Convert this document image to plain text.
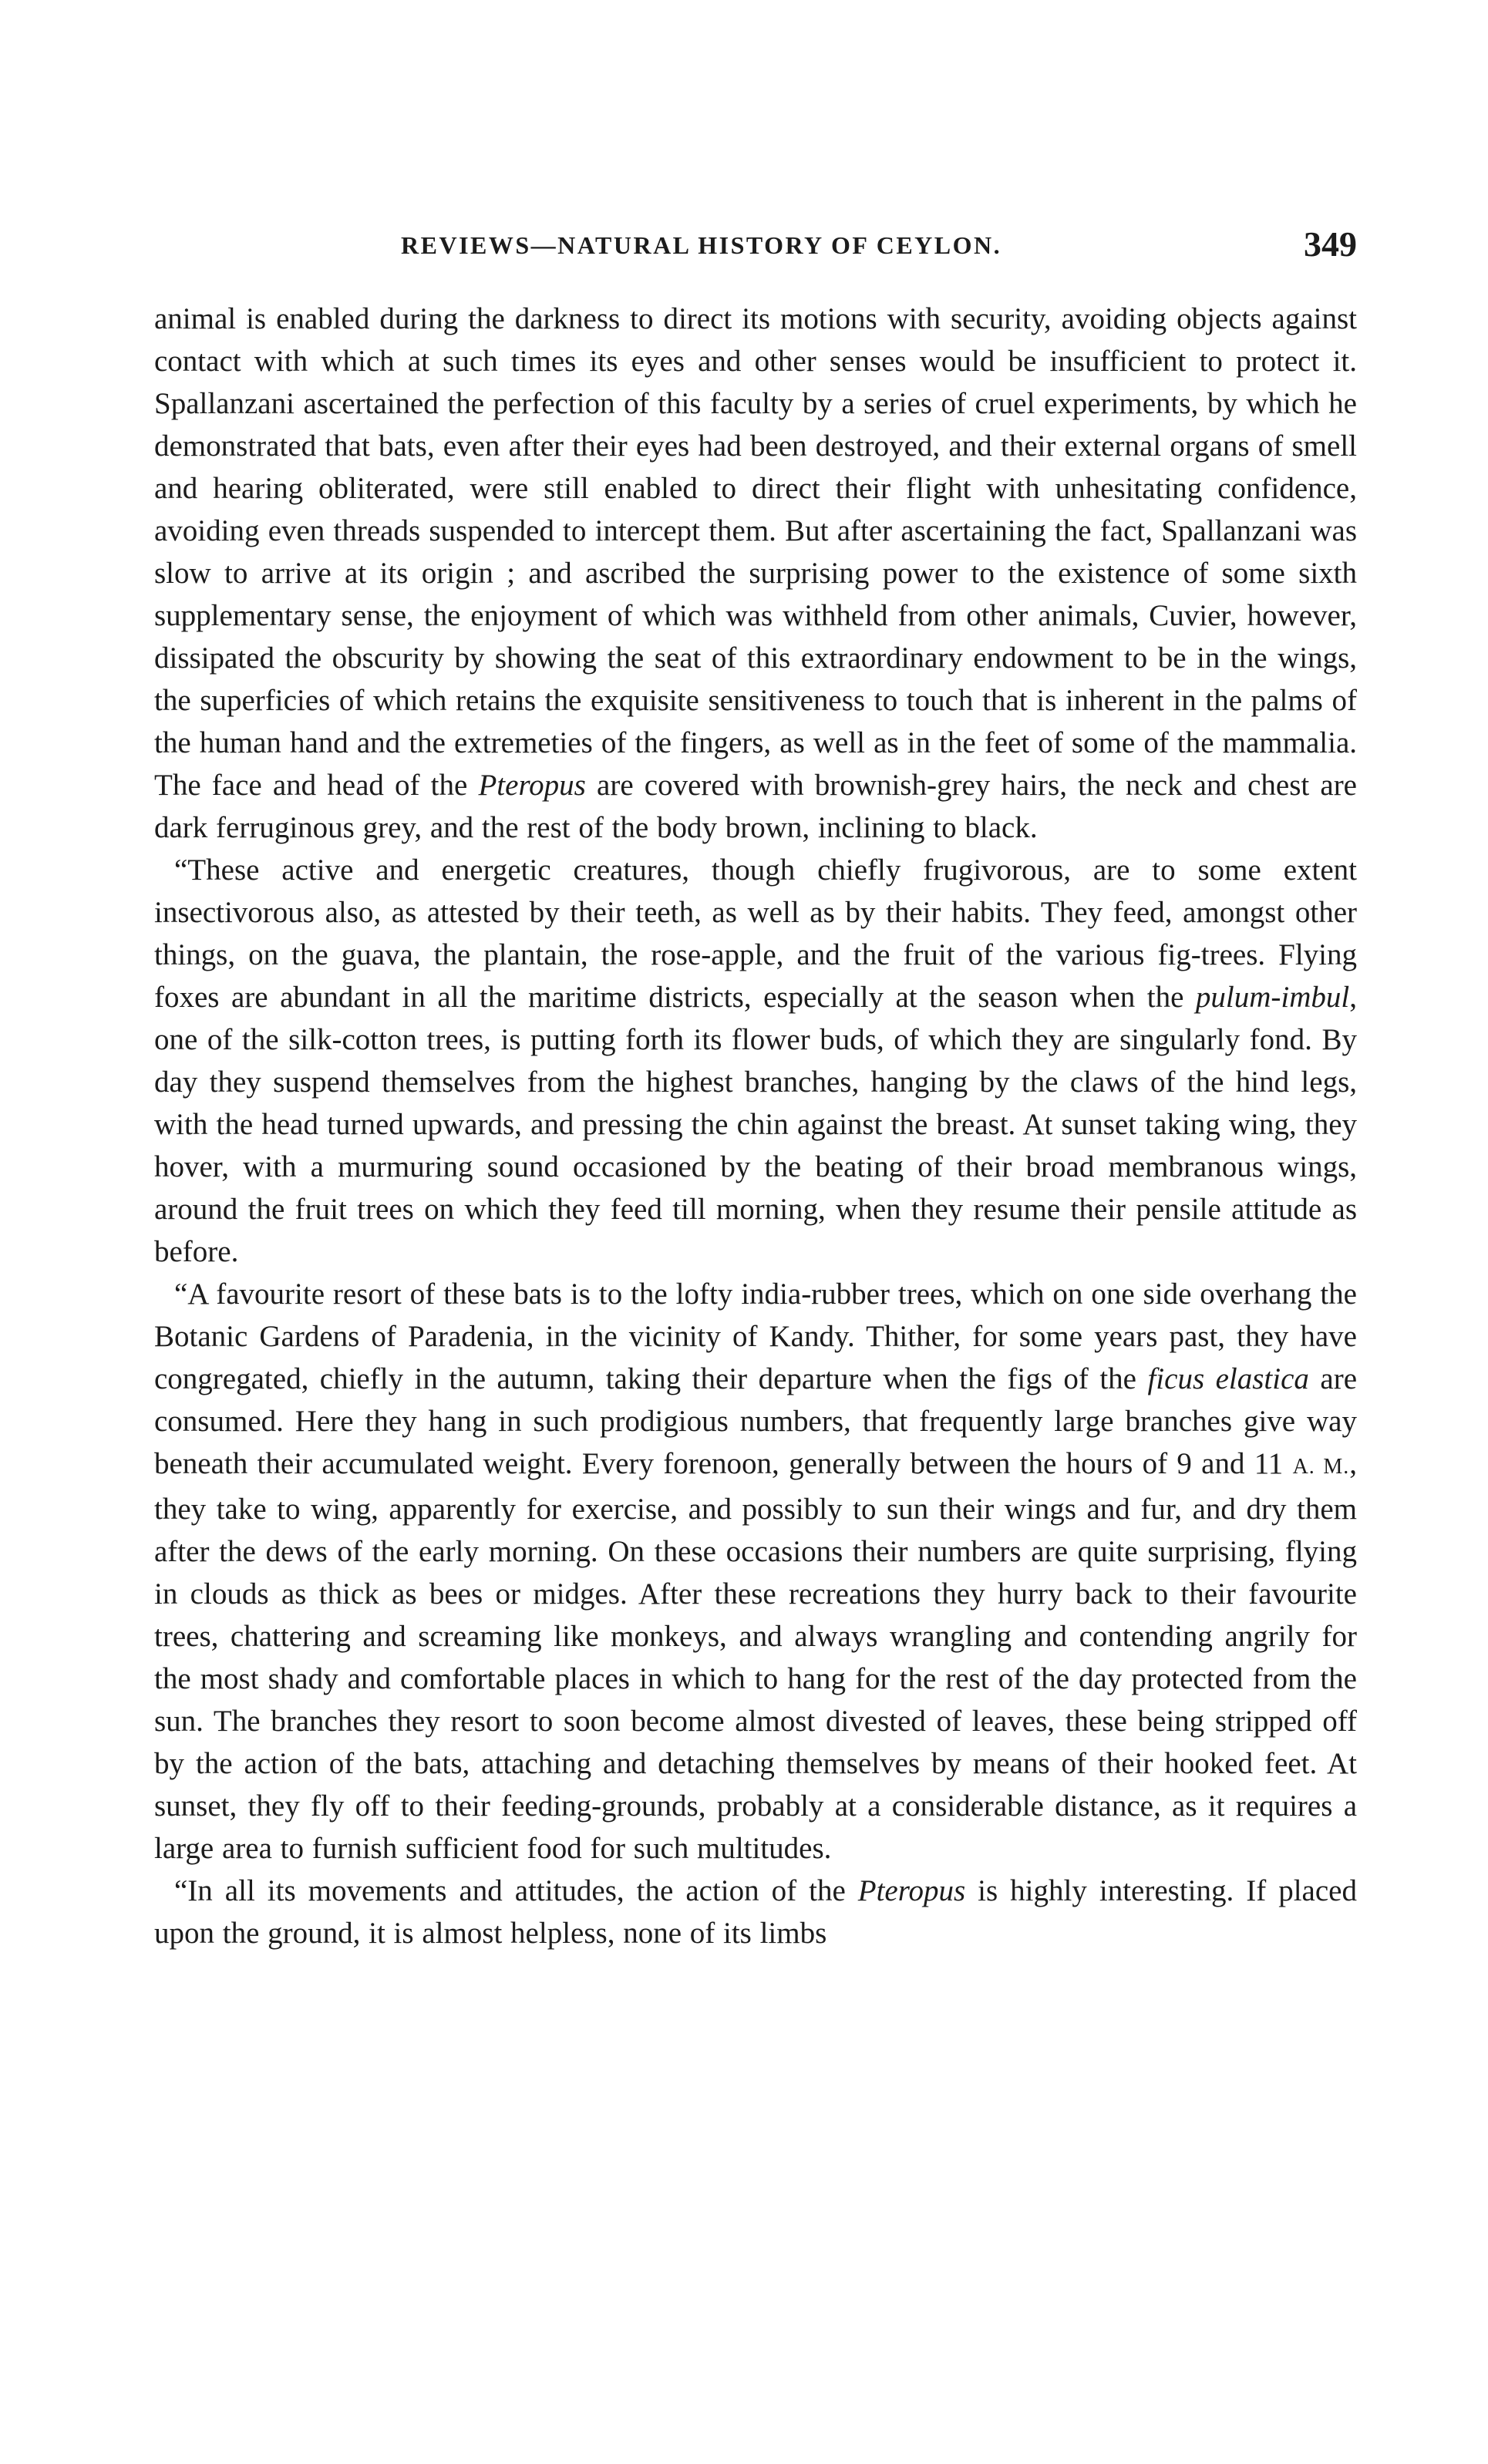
REVIEWS—NATURAL HISTORY OF CEYLON.	349

animal is enabled during the darkness to direct its motions with security, avoiding objects against contact with which at such times its eyes and other senses would be insufficient to protect it. Spallanzani ascertained the perfection of this faculty by a series of cruel experiments, by which he demonstrated that bats, even after their eyes had been destroyed, and their external organs of smell and hearing obliterated, were still enabled to direct their flight with unhesitating confidence, avoiding even threads suspended to intercept them. But after ascertaining the fact, Spallanzani was slow to arrive at its origin ; and ascribed the surprising power to the existence of some sixth supplementary sense, the enjoyment of which was withheld from other animals, Cuvier, however, dissipated the obscurity by showing the seat of this extraordinary endowment to be in the wings, the superficies of which retains the exquisite sensitiveness to touch that is inherent in the palms of the human hand and the extremeties of the fingers, as well as in the feet of some of the mammalia. The face and head of the Pteropus are covered with brownish-grey hairs, the neck and chest are dark ferruginous grey, and the rest of the body brown, inclining to black.

“These active and energetic creatures, though chiefly frugivorous, are to some extent insectivorous also, as attested by their teeth, as well as by their habits. They feed, amongst other things, on the guava, the plantain, the rose-apple, and the fruit of the various fig-trees. Flying foxes are abundant in all the maritime districts, especially at the season when the pulum-imbul, one of the silk-cotton trees, is putting forth its flower buds, of which they are singularly fond. By day they suspend themselves from the highest branches, hanging by the claws of the hind legs, with the head turned upwards, and pressing the chin against the breast. At sunset taking wing, they hover, with a murmuring sound occasioned by the beating of their broad membranous wings, around the fruit trees on which they feed till morning, when they resume their pensile attitude as before.

“A favourite resort of these bats is to the lofty india-rubber trees, which on one side overhang the Botanic Gardens of Paradenia, in the vicinity of Kandy. Thither, for some years past, they have congregated, chiefly in the autumn, taking their departure when the figs of the ficus elastica are consumed. Here they hang in such prodigious numbers, that frequently large branches give way beneath their accumulated weight. Every forenoon, generally between the hours of 9 and 11 A. M., they take to wing, apparently for exercise, and possibly to sun their wings and fur, and dry them after the dews of the early morning. On these occasions their numbers are quite surprising, flying in clouds as thick as bees or midges. After these recreations they hurry back to their favourite trees, chattering and screaming like monkeys, and always wrangling and contending angrily for the most shady and comfortable places in which to hang for the rest of the day protected from the sun. The branches they resort to soon become almost divested of leaves, these being stripped off by the action of the bats, attaching and detaching themselves by means of their hooked feet. At sunset, they fly off to their feeding-grounds, probably at a considerable distance, as it requires a large area to furnish sufficient food for such multitudes.

“In all its movements and attitudes, the action of the Pteropus is highly interesting. If placed upon the ground, it is almost helpless, none of its limbs
